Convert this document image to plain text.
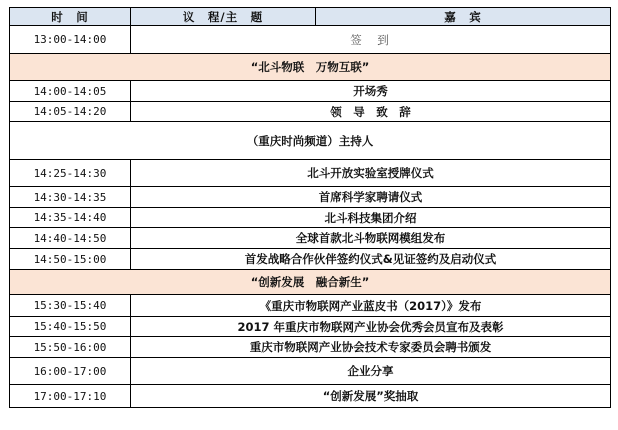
时　间	议　程/主　题	嘉　宾
13:00-14:00	签　到	
“北斗物联　万物互联”		
14:00-14:05	开场秀	
14:05-14:20	领　导　致　辞	
（重庆时尚频道）主持人		
14:25-14:30	北斗开放实验室授牌仪式	
14:30-14:35	首席科学家聘请仪式	
14:35-14:40	北斗科技集团介绍	
14:40-14:50	全球首款北斗物联网模组发布	
14:50-15:00	首发战略合作伙伴签约仪式&见证签约及启动仪式	
“创新发展　融合新生”		
15:30-15:40	《重庆市物联网产业蓝皮书（2017）》发布	
15:40-15:50	2017 年重庆市物联网产业协会优秀会员宣布及表彰	
15:50-16:00	重庆市物联网产业协会技术专家委员会聘书颁发	
16:00-17:00	企业分享	
17:00-17:10	“创新发展”奖抽取	
